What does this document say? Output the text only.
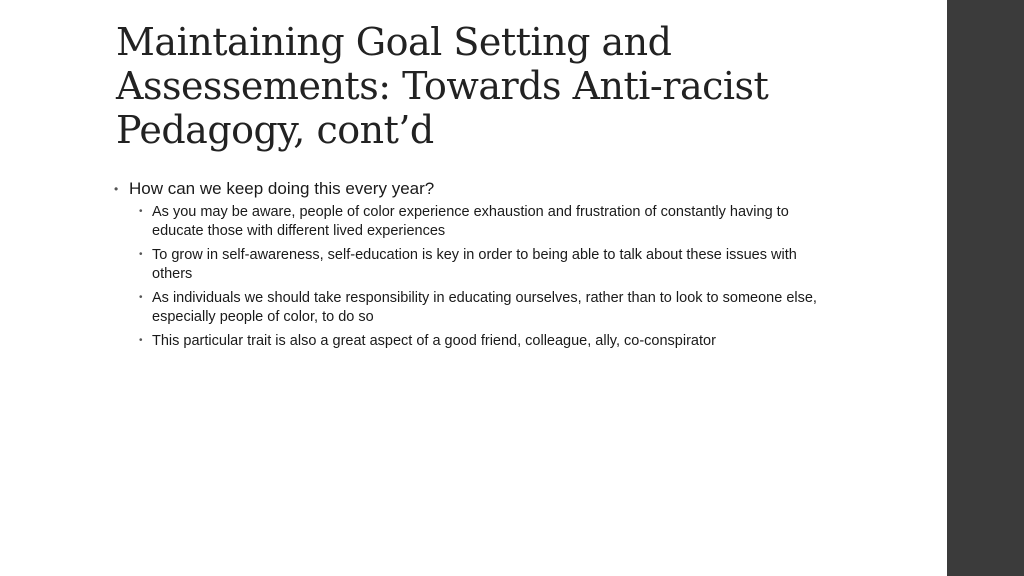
Maintaining Goal Setting and
Assessements: Towards Anti-racist
Pedagogy, cont’d
• How can we keep doing this every year?
• As you may be aware, people of color experience exhaustion and frustration of constantly having to educate those with different lived experiences
• To grow in self-awareness, self-education is key in order to being able to talk about these issues with others
• As individuals we should take responsibility in educating ourselves, rather than to look to someone else, especially people of color, to do so
• This particular trait is also a great aspect of a good friend, colleague, ally, co-conspirator
